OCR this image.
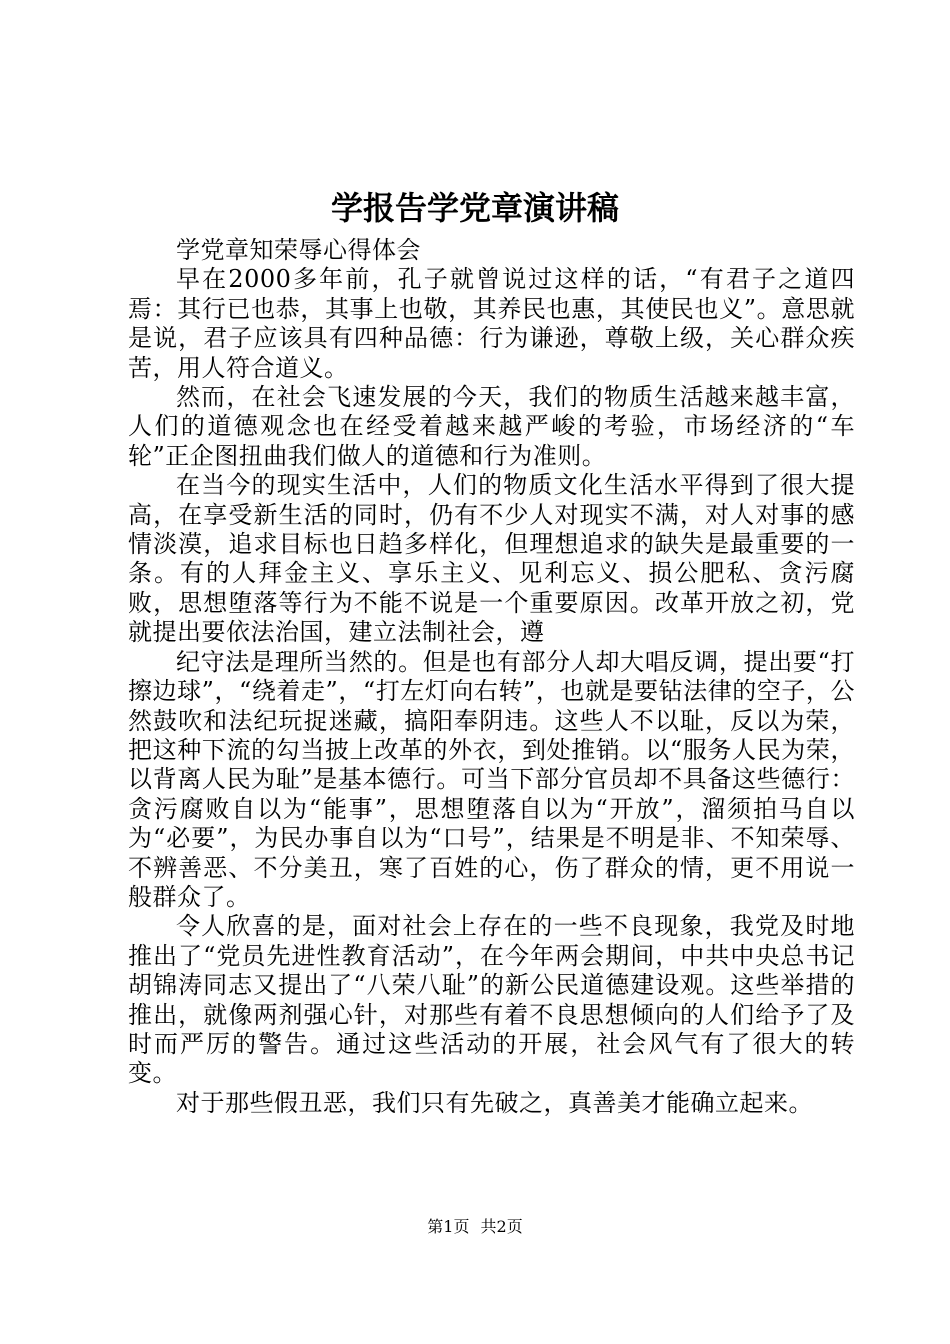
学报告学党章演讲稿

学党章知荣辱心得体会

早在2000多年前，孔子就曾说过这样的话，“有君子之道四焉：其行已也恭，其事上也敬，其养民也惠，其使民也义”。意思就是说，君子应该具有四种品德：行为谦逊，尊敬上级，关心群众疾苦，用人符合道义。

然而，在社会飞速发展的今天，我们的物质生活越来越丰富，人们的道德观念也在经受着越来越严峻的考验，市场经济的“车轮”正企图扭曲我们做人的道德和行为准则。

在当今的现实生活中，人们的物质文化生活水平得到了很大提高，在享受新生活的同时，仍有不少人对现实不满，对人对事的感情淡漠，追求目标也日趋多样化，但理想追求的缺失是最重要的一条。有的人拜金主义、享乐主义、见利忘义、损公肥私、贪污腐败，思想堕落等行为不能不说是一个重要原因。改革开放之初，党就提出要依法治国，建立法制社会，遵

纪守法是理所当然的。但是也有部分人却大唱反调，提出要“打擦边球”，“绕着走”，“打左灯向右转”，也就是要钻法律的空子，公然鼓吹和法纪玩捉迷藏，搞阳奉阴违。这些人不以耻，反以为荣，把这种下流的勾当披上改革的外衣，到处推销。以“服务人民为荣，以背离人民为耻”是基本德行。可当下部分官员却不具备这些德行：贪污腐败自以为“能事”，思想堕落自以为“开放”，溜须拍马自以为“必要”，为民办事自以为“口号”，结果是不明是非、不知荣辱、不辨善恶、不分美丑，寒了百姓的心，伤了群众的情，更不用说一般群众了。

令人欣喜的是，面对社会上存在的一些不良现象，我党及时地推出了“党员先进性教育活动”，在今年两会期间，中共中央总书记胡锦涛同志又提出了“八荣八耻”的新公民道德建设观。这些举措的推出，就像两剂强心针，对那些有着不良思想倾向的人们给予了及时而严厉的警告。通过这些活动的开展，社会风气有了很大的转变。

对于那些假丑恶，我们只有先破之，真善美才能确立起来。

第1页 共2页
